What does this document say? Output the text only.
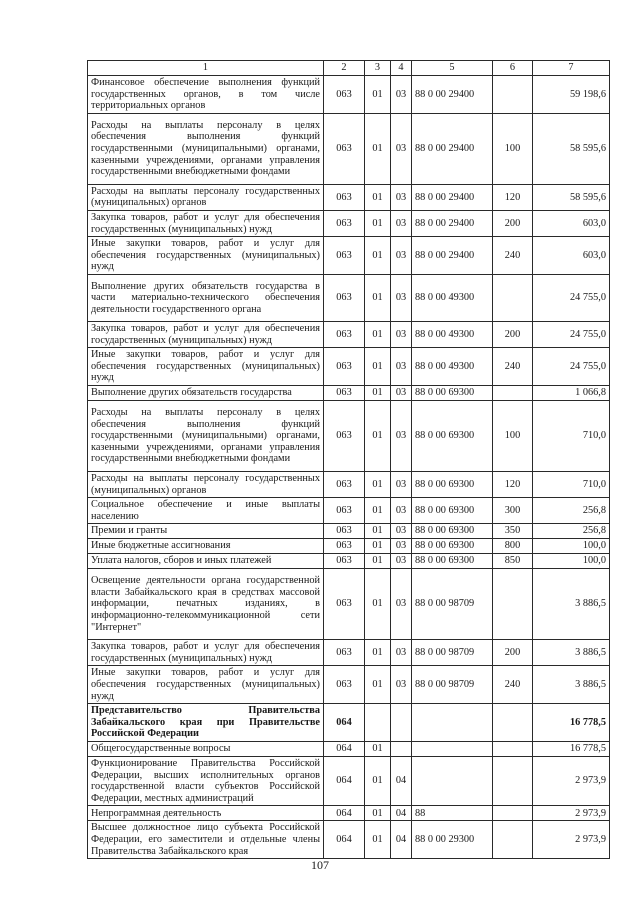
1	2	3	4	5	6	7
Финансовое обеспечение выполнения функций государственных органов, в том числе территориальных органов	063	01	03	88 0 00 29400		59 198,6
Расходы на выплаты персоналу в целях обеспечения выполнения функций государственными (муниципальными) органами, казенными учреждениями, органами управления государственными внебюджетными фондами	063	01	03	88 0 00 29400	100	58 595,6
Расходы на выплаты персоналу государственных (муниципальных) органов	063	01	03	88 0 00 29400	120	58 595,6
Закупка товаров, работ и услуг для обеспечения государственных (муниципальных) нужд	063	01	03	88 0 00 29400	200	603,0
Иные закупки товаров, работ и услуг для обеспечения государственных (муниципальных) нужд	063	01	03	88 0 00 29400	240	603,0
Выполнение других обязательств государства в части материально-технического обеспечения деятельности государственного органа	063	01	03	88 0 00 49300		24 755,0
Закупка товаров, работ и услуг для обеспечения государственных (муниципальных) нужд	063	01	03	88 0 00 49300	200	24 755,0
Иные закупки товаров, работ и услуг для обеспечения государственных (муниципальных) нужд	063	01	03	88 0 00 49300	240	24 755,0
Выполнение других обязательств государства	063	01	03	88 0 00 69300		1 066,8
Расходы на выплаты персоналу в целях обеспечения выполнения функций государственными (муниципальными) органами, казенными учреждениями, органами управления государственными внебюджетными фондами	063	01	03	88 0 00 69300	100	710,0
Расходы на выплаты персоналу государственных (муниципальных) органов	063	01	03	88 0 00 69300	120	710,0
Социальное обеспечение и иные выплаты населению	063	01	03	88 0 00 69300	300	256,8
Премии и гранты	063	01	03	88 0 00 69300	350	256,8
Иные бюджетные ассигнования	063	01	03	88 0 00 69300	800	100,0
Уплата налогов, сборов и иных платежей	063	01	03	88 0 00 69300	850	100,0
Освещение деятельности органа государственной власти Забайкальского края в средствах массовой информации, печатных изданиях, в информационно-телекоммуникационной сети "Интернет"	063	01	03	88 0 00 98709		3 886,5
Закупка товаров, работ и услуг для обеспечения государственных (муниципальных) нужд	063	01	03	88 0 00 98709	200	3 886,5
Иные закупки товаров, работ и услуг для обеспечения государственных (муниципальных) нужд	063	01	03	88 0 00 98709	240	3 886,5
Представительство Правительства Забайкальского края при Правительстве Российской Федерации	064					16 778,5
Общегосударственные вопросы	064	01				16 778,5
Функционирование Правительства Российской Федерации, высших исполнительных органов государственной власти субъектов Российской Федерации, местных администраций	064	01	04			2 973,9
Непрограммная деятельность	064	01	04	88		2 973,9
Высшее должностное лицо субъекта Российской Федерации, его заместители и отдельные члены Правительства Забайкальского края	064	01	04	88 0 00 29300		2 973,9
107
